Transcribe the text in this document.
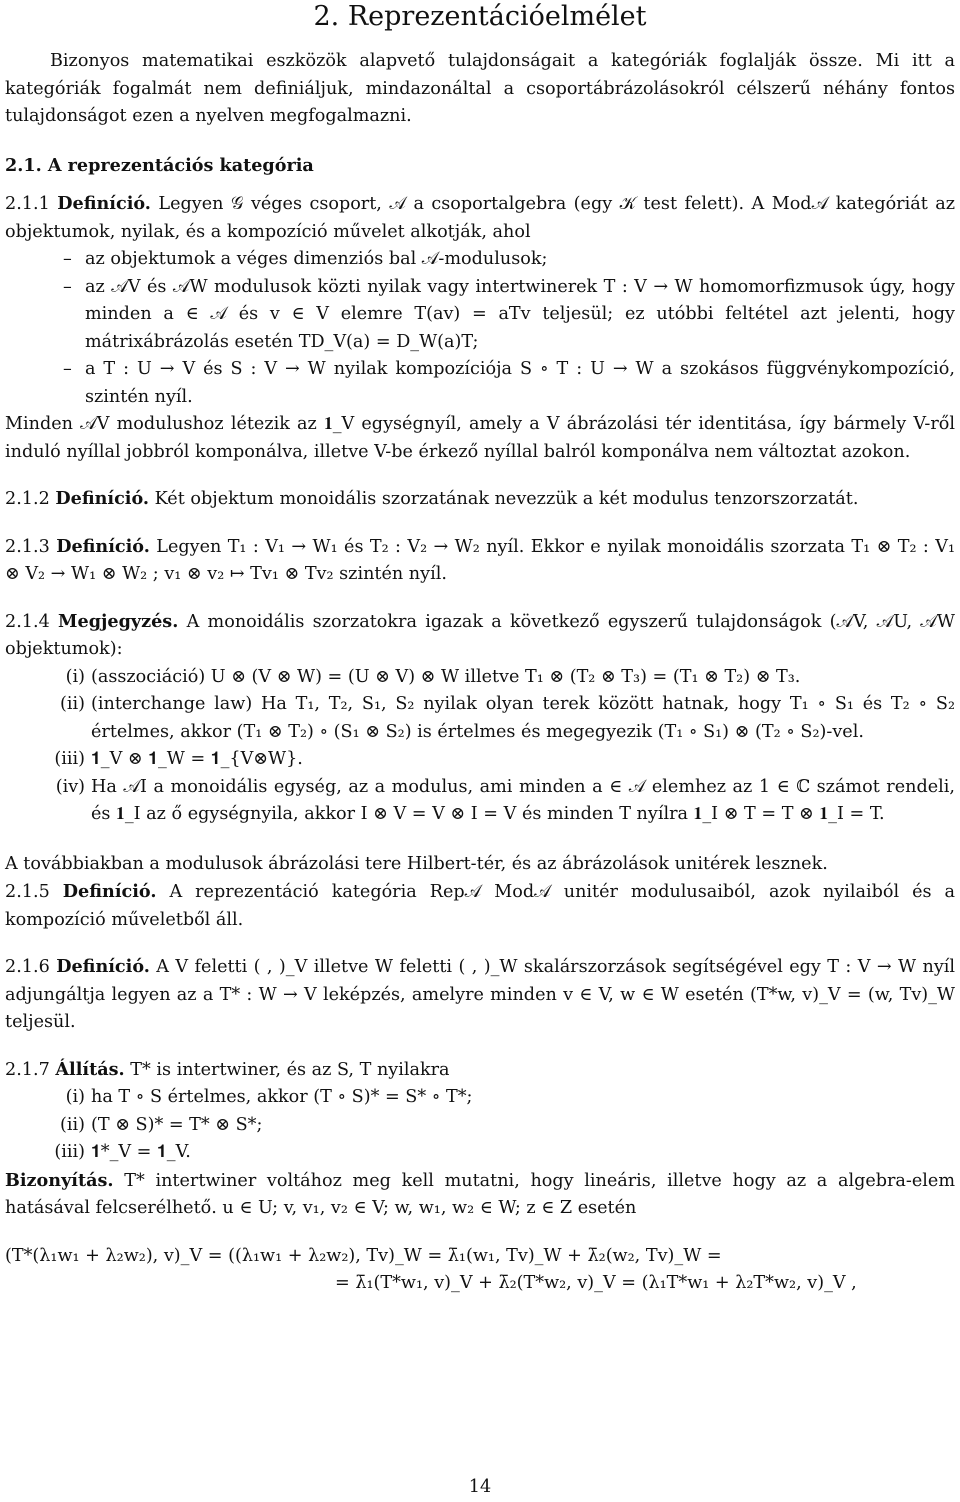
2. Reprezentációelmélet

Bizonyos matematikai eszközök alapvető tulajdonságait a kategóriák foglalják össze. Mi itt a kategóriák fogalmát nem definiáljuk, mindazonáltal a csoportábrázolásokról célszerű néhány fontos tulajdonságot ezen a nyelven megfogalmazni.

2.1. A reprezentációs kategória

2.1.1 Definíció. Legyen 𝒢 véges csoport, 𝒜 a csoportalgebra (egy 𝒦 test felett). A Mod𝒜 kategóriát az objektumok, nyilak, és a kompozíció művelet alkotják, ahol

– az objektumok a véges dimenziós bal 𝒜-modulusok;
– az 𝒜V és 𝒜W modulusok közti nyilak vagy intertwinerek T : V → W homomorfizmusok úgy, hogy minden a ∈ 𝒜 és v ∈ V elemre T(av) = aTv teljesül; ez utóbbi feltétel azt jelenti, hogy mátrixábrázolás esetén TD_V(a) = D_W(a)T;
– a T : U → V és S : V → W nyilak kompozíciója S ∘ T : U → W a szokásos függvénykompozíció, szintén nyíl.

Minden 𝒜V modulushoz létezik az 𝟏_V egységnyíl, amely a V ábrázolási tér identitása, így bármely V-ről induló nyíllal jobbról komponálva, illetve V-be érkező nyíllal balról komponálva nem változtat azokon.

2.1.2 Definíció. Két objektum monoidális szorzatának nevezzük a két modulus tenzorszorzatát.

2.1.3 Definíció. Legyen T₁ : V₁ → W₁ és T₂ : V₂ → W₂ nyíl. Ekkor e nyilak monoidális szorzata T₁ ⊗ T₂ : V₁ ⊗ V₂ → W₁ ⊗ W₂ ; v₁ ⊗ v₂ ↦ Tv₁ ⊗ Tv₂ szintén nyíl.

2.1.4 Megjegyzés. A monoidális szorzatokra igazak a következő egyszerű tulajdonságok (𝒜V, 𝒜U, 𝒜W objektumok):

(i) (asszociáció) U ⊗ (V ⊗ W) = (U ⊗ V) ⊗ W illetve T₁ ⊗ (T₂ ⊗ T₃) = (T₁ ⊗ T₂) ⊗ T₃.
(ii) (interchange law) Ha T₁, T₂, S₁, S₂ nyilak olyan terek között hatnak, hogy T₁ ∘ S₁ és T₂ ∘ S₂ értelmes, akkor (T₁ ⊗ T₂) ∘ (S₁ ⊗ S₂) is értelmes és megegyezik (T₁ ∘ S₁) ⊗ (T₂ ∘ S₂)-vel.
(iii) 𝟏_V ⊗ 𝟏_W = 𝟏_{V⊗W}.
(iv) Ha 𝒜I a monoidális egység, az a modulus, ami minden a ∈ 𝒜 elemhez az 1 ∈ ℂ számot rendeli, és 𝟏_I az ő egységnyila, akkor I ⊗ V = V ⊗ I = V és minden T nyílra 𝟏_I ⊗ T = T ⊗ 𝟏_I = T.

A továbbiakban a modulusok ábrázolási tere Hilbert-tér, és az ábrázolások unitérek lesznek.

2.1.5 Definíció. A reprezentáció kategória Rep𝒜 Mod𝒜 unitér modulusaiból, azok nyilaiból és a kompozíció műveletből áll.

2.1.6 Definíció. A V feletti ( , )_V illetve W feletti ( , )_W skalárszorzások segítségével egy T : V → W nyíl adjungáltja legyen az a T* : W → V leképzés, amelyre minden v ∈ V, w ∈ W esetén (T*w, v)_V = (w, Tv)_W teljesül.

2.1.7 Állítás. T* is intertwiner, és az S, T nyilakra

(i) ha T ∘ S értelmes, akkor (T ∘ S)* = S* ∘ T*;
(ii) (T ⊗ S)* = T* ⊗ S*;
(iii) 𝟏*_V = 𝟏_V.

Bizonyítás. T* intertwiner voltához meg kell mutatni, hogy lineáris, illetve hogy az a algebra-elem hatásával felcserélhető. u ∈ U; v, v₁, v₂ ∈ V; w, w₁, w₂ ∈ W; z ∈ Z esetén

(T*(λ₁w₁ + λ₂w₂), v)_V = ((λ₁w₁ + λ₂w₂), Tv)_W = λ̄₁(w₁, Tv)_W + λ̄₂(w₂, Tv)_W =
= λ̄₁(T*w₁, v)_V + λ̄₂(T*w₂, v)_V = (λ₁T*w₁ + λ₂T*w₂, v)_V ,
14
